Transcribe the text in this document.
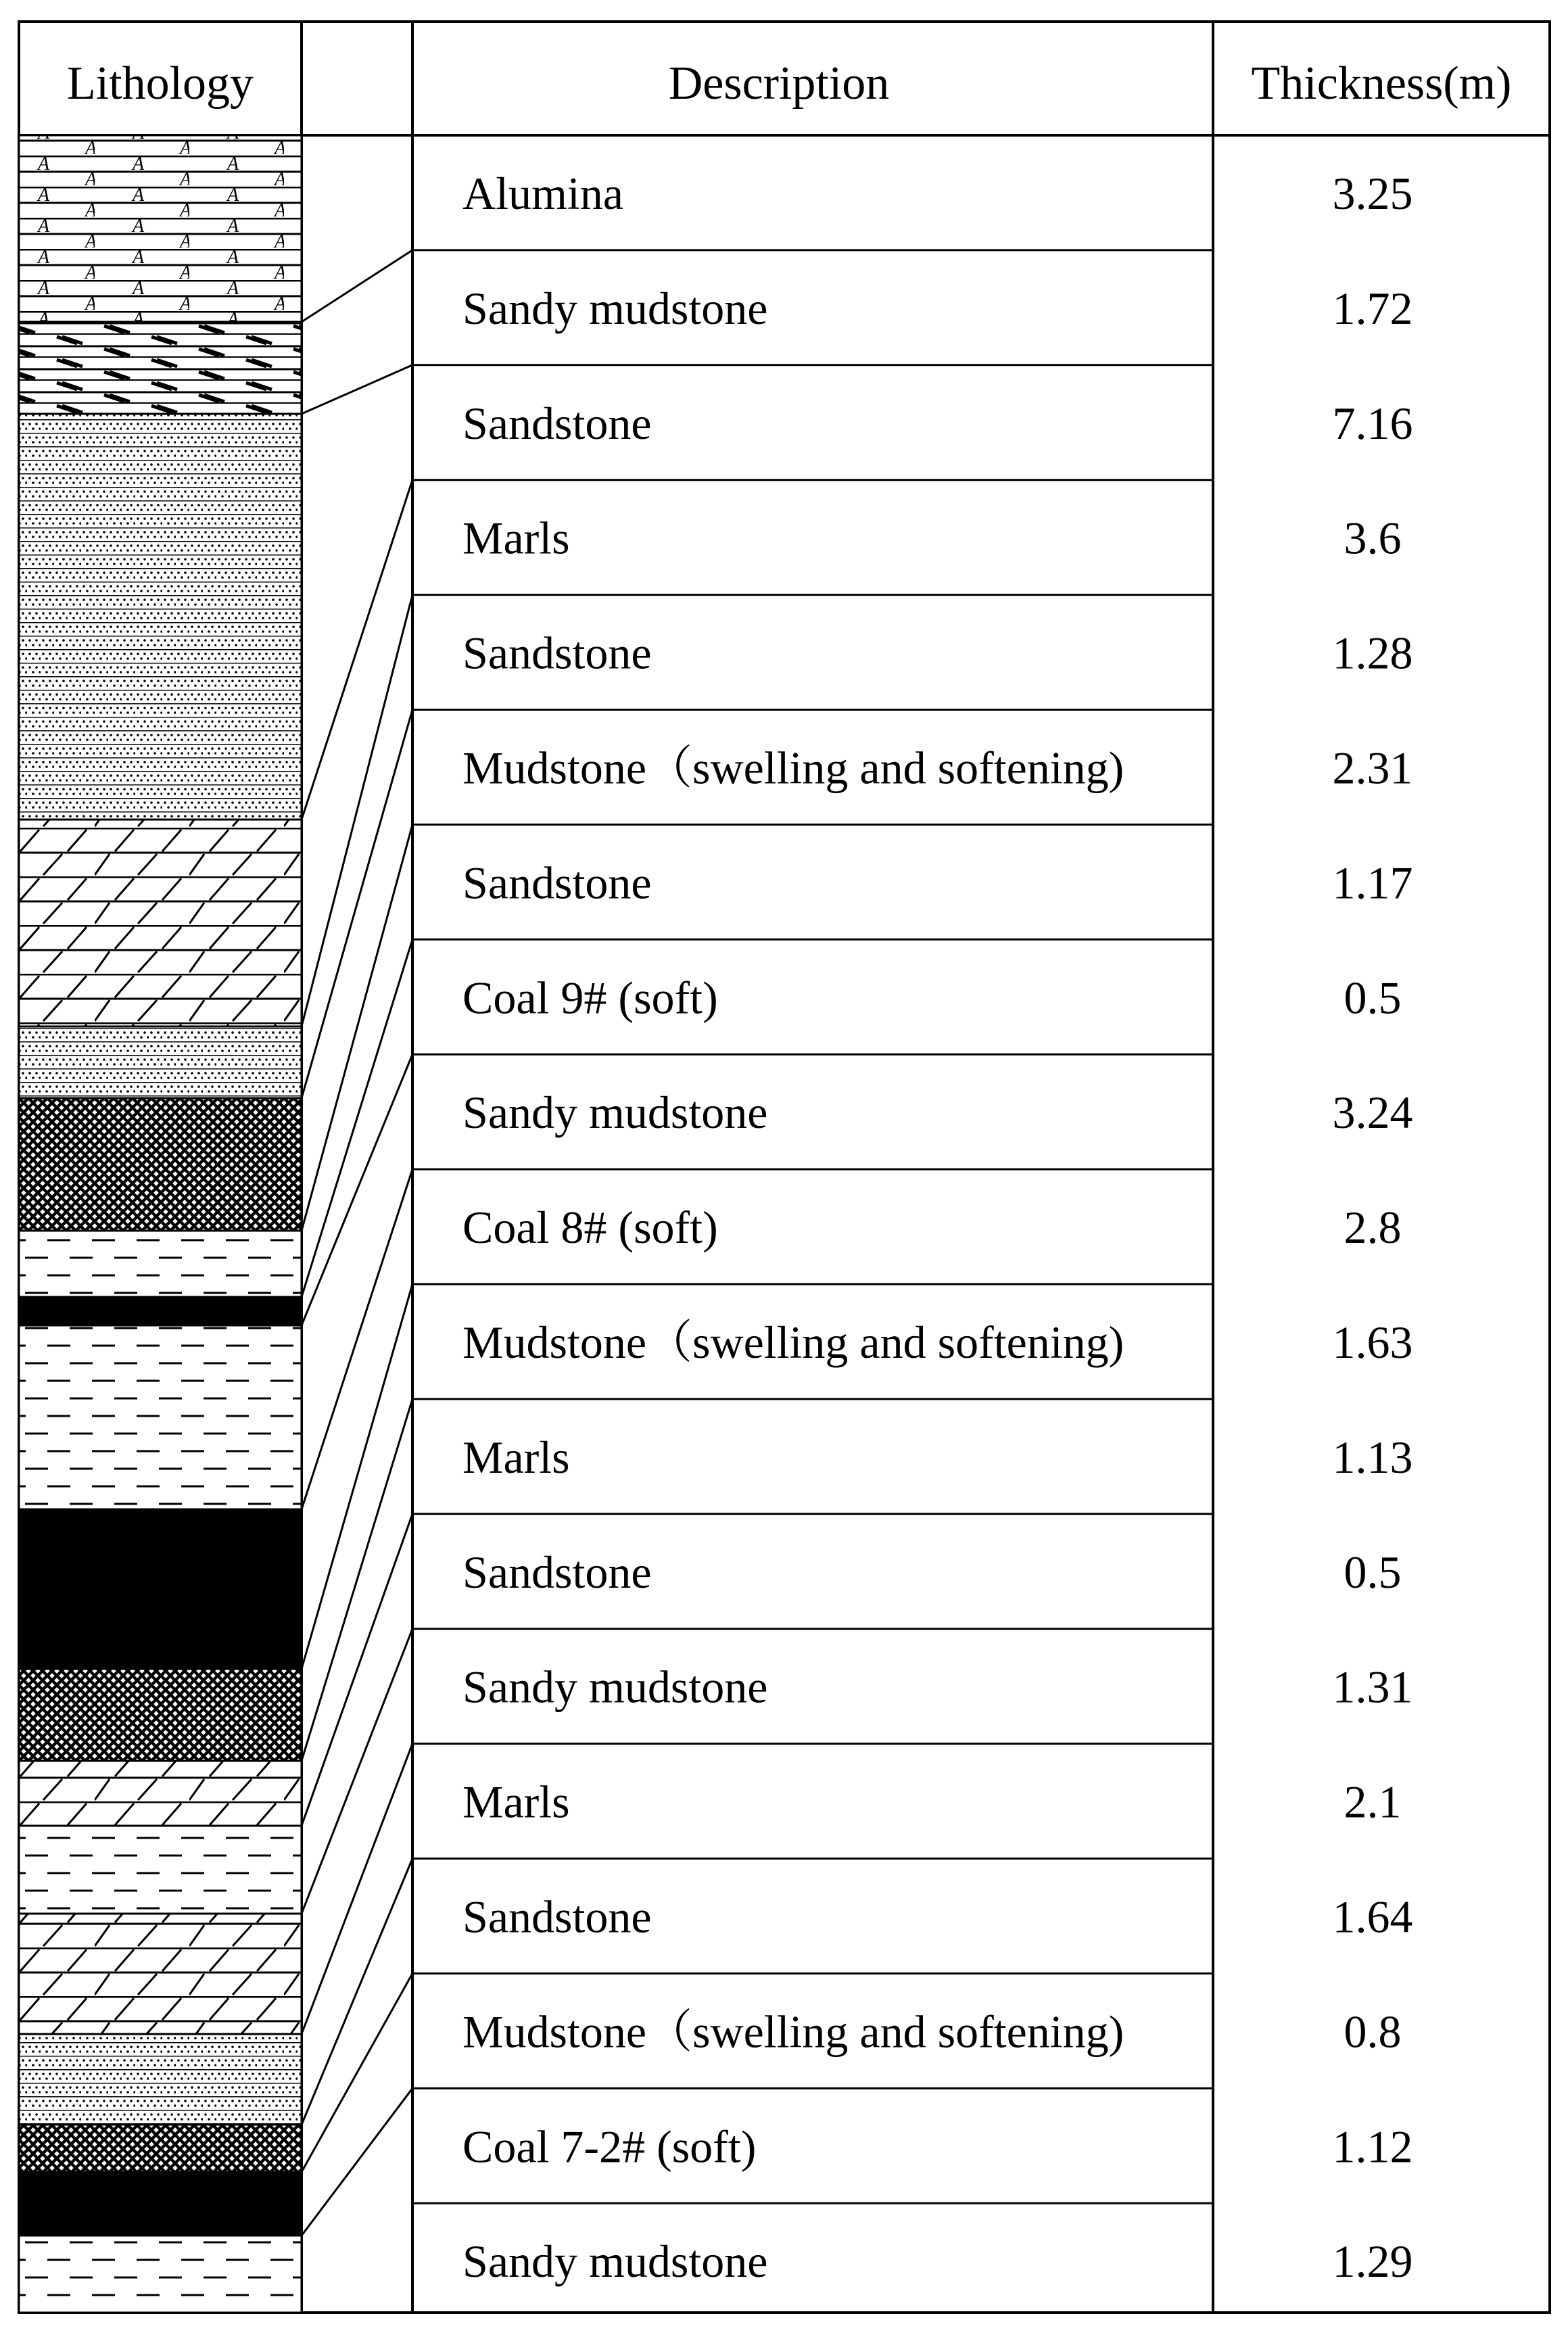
Lithology	Description	Thickness(m)
Alumina	3.25
Sandy mudstone	1.72
Sandstone	7.16
Marls	3.6
Sandstone	1.28
Mudstone（swelling and softening)	2.31
Sandstone	1.17
Coal 9# (soft)	0.5
Sandy mudstone	3.24
Coal 8# (soft)	2.8
Mudstone（swelling and softening)	1.63
Marls	1.13
Sandstone	0.5
Sandy mudstone	1.31
Marls	2.1
Sandstone	1.64
Mudstone（swelling and softening)	0.8
Coal 7-2# (soft)	1.12
Sandy mudstone	1.29
